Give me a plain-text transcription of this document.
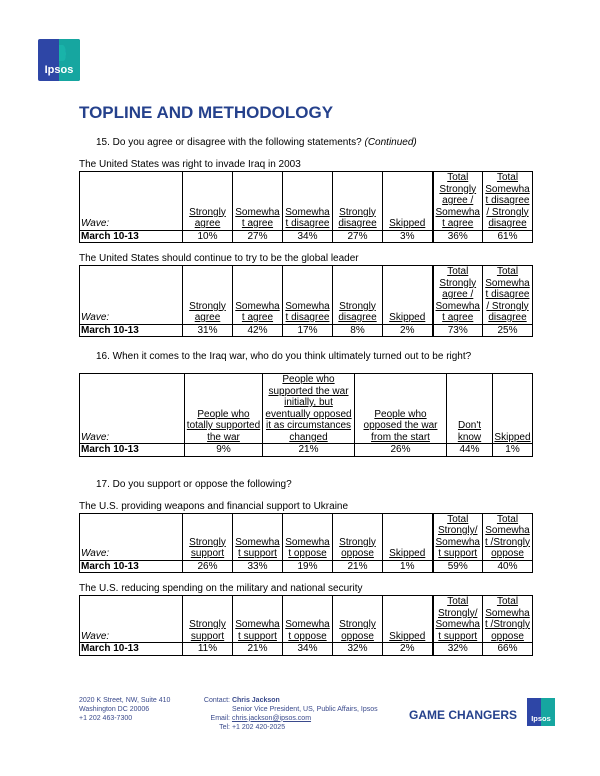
Ipsos
TOPLINE AND METHODOLOGY
15. Do you agree or disagree with the following statements? (Continued)
The United States was right to invade Iraq in 2003
Wave:	Strongly agree	Somewhat agree	Somewhat disagree	Strongly disagree	Skipped	Total Strongly agree / Somewhat agree	Total Somewhat disagree / Strongly disagree
March 10-13	10%	27%	34%	27%	3%	36%	61%
The United States should continue to try to be the global leader
Wave:	Strongly agree	Somewhat agree	Somewhat disagree	Strongly disagree	Skipped	Total Strongly agree / Somewhat agree	Total Somewhat disagree / Strongly disagree
March 10-13	31%	42%	17%	8%	2%	73%	25%
16. When it comes to the Iraq war, who do you think ultimately turned out to be right?
Wave:	People who totally supported the war	People who supported the war initially, but eventually opposed it as circumstances changed	People who opposed the war from the start	Don't know	Skipped
March 10-13	9%	21%	26%	44%	1%
17. Do you support or oppose the following?
The U.S. providing weapons and financial support to Ukraine
Wave:	Strongly support	Somewhat support	Somewhat oppose	Strongly oppose	Skipped	Total Strongly/ Somewhat support	Total Somewhat /Strongly oppose
March 10-13	26%	33%	19%	21%	1%	59%	40%
The U.S. reducing spending on the military and national security
Wave:	Strongly support	Somewhat support	Somewhat oppose	Strongly oppose	Skipped	Total Strongly/ Somewhat support	Total Somewhat /Strongly oppose
March 10-13	11%	21%	34%	32%	2%	32%	66%
2020 K Street, NW, Suite 410
Washington DC 20006
+1 202 463-7300
Contact: Chris Jackson
Senior Vice President, US, Public Affairs, Ipsos
Email: chris.jackson@ipsos.com
Tel: +1 202 420-2025
GAME CHANGERS	Ipsos
